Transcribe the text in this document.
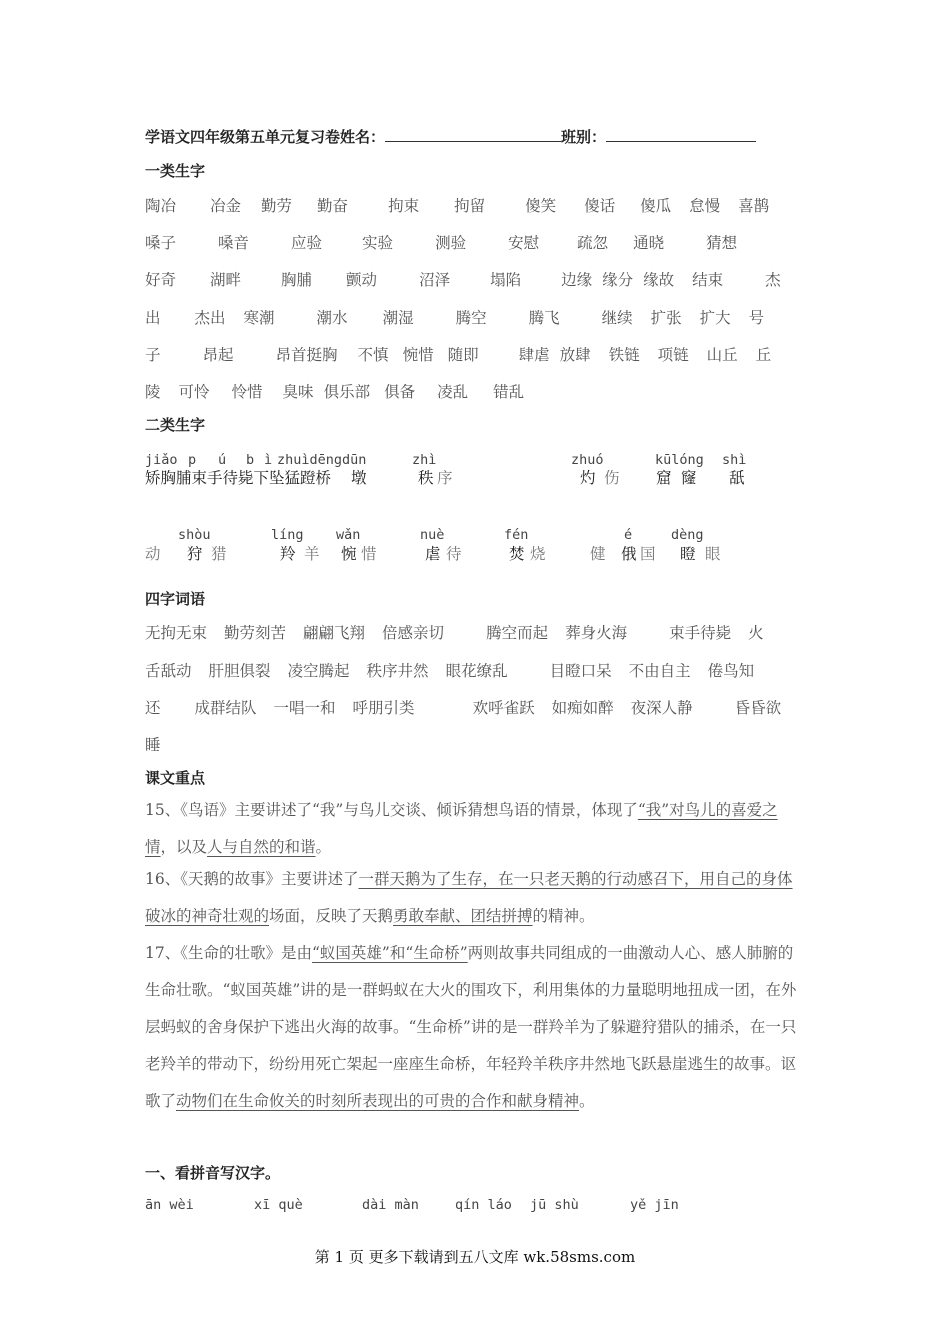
学语文四年级第五单元复习卷姓名：	班别：
一类生字
陶冶 冶金 勤劳 勤奋	拘束 拘留	傻笑 傻话 傻瓜 怠慢 喜鹊
嗓子	嗓音	应验	实验	测验	安慰 疏忽 通晓	猜想
好奇 湖畔	胸脯 颤动	沼泽	塌陷	边缘 缘分 缘故 结束	杰
出 杰出 寒潮	潮水 潮湿	腾空	腾飞	继续 扩张 扩大 号
子	昂起	昂首挺胸 不慎 惋惜 随即	肆虐 放肆 铁链 项链 山丘 丘
陵 可怜 怜惜 臭味 俱乐部 俱备 凌乱 错乱
二类生字
jiǎo p ú b ì zhuìdēngdūn	zhì	zhuó	kūlóng shì
矫胸脯束手待毙下坠猛蹬桥 墩	秩 序	灼 伤 窟 窿 舐
shòu	líng wǎn	nuè	fén	é	dèng
动 狩 猎	羚 羊 惋 惜	虐 待	焚 烧	健 俄 国 瞪 眼
四字词语
无拘无束 勤劳刻苦 翩翩飞翔 倍感亲切	腾空而起 葬身火海	束手待毙 火
舌舐动 肝胆俱裂 凌空腾起 秩序井然 眼花缭乱	目瞪口呆 不由自主 倦鸟知
还 成群结队 一唱一和 呼朋引类	欢呼雀跃 如痴如醉 夜深人静	昏昏欲
睡
课文重点
15、《鸟语》主要讲述了“我”与鸟儿交谈、倾诉猜想鸟语的情景，体现了“我”对鸟儿的喜爱之情，以及人与自然的和谐。
16、《天鹅的故事》主要讲述了一群天鹅为了生存，在一只老天鹅的行动感召下，用自己的身体破冰的神奇壮观的场面，反映了天鹅勇敢奉献、团结拼搏的精神。
17、《生命的壮歌》是由“蚁国英雄”和“生命桥”两则故事共同组成的一曲激动人心、感人肺腑的生命壮歌。“蚁国英雄”讲的是一群蚂蚁在大火的围攻下，利用集体的力量聪明地扭成一团，在外层蚂蚁的舍身保护下逃出火海的故事。“生命桥”讲的是一群羚羊为了躲避狩猎队的捕杀，在一只老羚羊的带动下，纷纷用死亡架起一座座生命桥，年轻羚羊秩序井然地飞跃悬崖逃生的故事。讴歌了动物们在生命攸关的时刻所表现出的可贵的合作和献身精神。
一、看拼音写汉字。
ān wèi	xī què	dài màn	qín láo jū shù	yě jīn
第 1 页 更多下载请到五八文库 wk.58sms.com
